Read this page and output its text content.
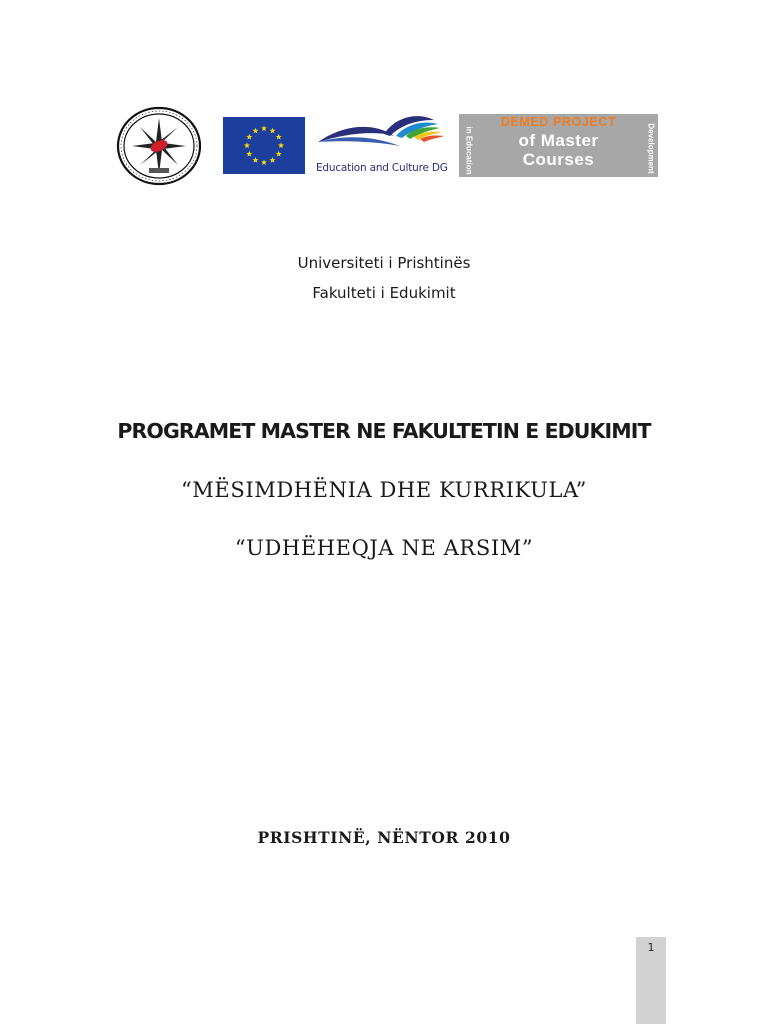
Education and Culture DG
DEMED PROJECT
of Master
Courses
in Education	Development
Universiteti i Prishtinës
Fakulteti i Edukimit
PROGRAMET MASTER NE FAKULTETIN E EDUKIMIT
“MËSIMDHËNIA DHE KURRIKULA”
“UDHËHEQJA NE ARSIM”
PRISHTINË, NËNTOR 2010
1
